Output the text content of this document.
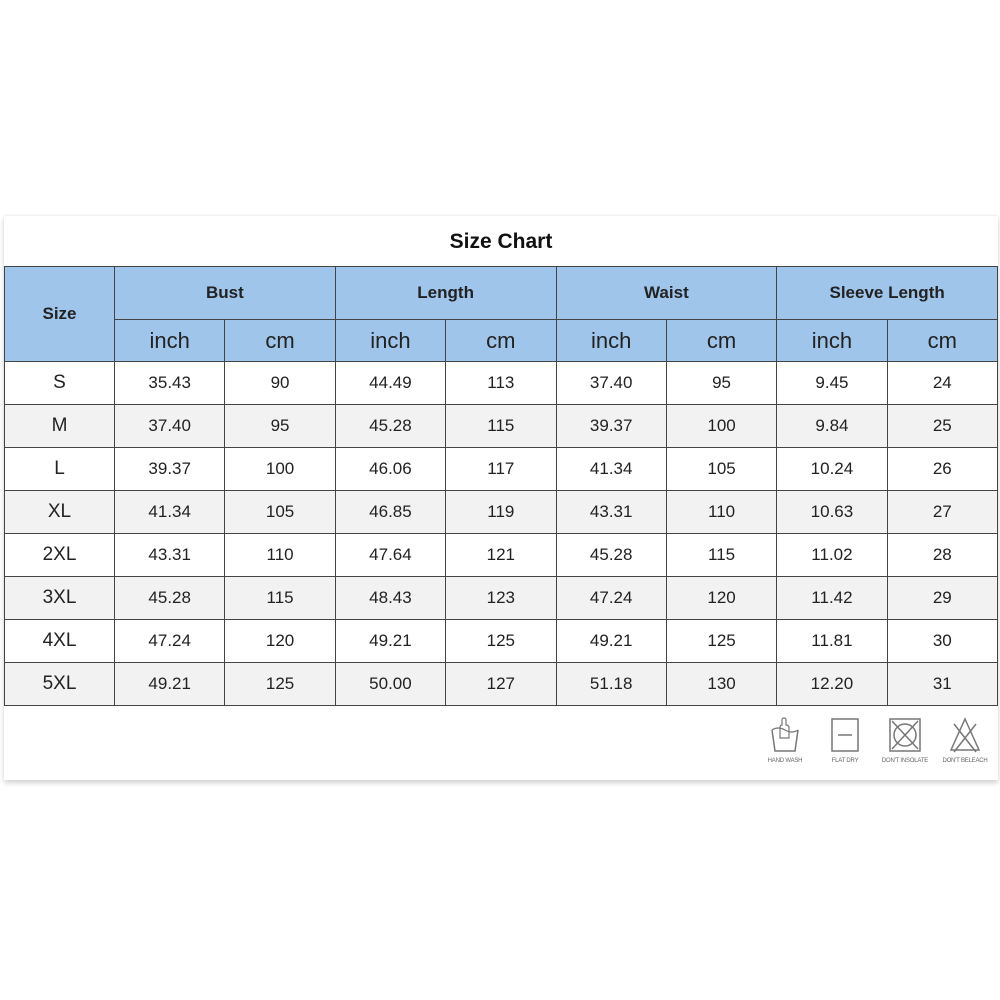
Size Chart
Size	Bust		Length		Waist		Sleeve Length	
	inch	cm	inch	cm	inch	cm	inch	cm
S	35.43	90	44.49	113	37.40	95	9.45	24
M	37.40	95	45.28	115	39.37	100	9.84	25
L	39.37	100	46.06	117	41.34	105	10.24	26
XL	41.34	105	46.85	119	43.31	110	10.63	27
2XL	43.31	110	47.64	121	45.28	115	11.02	28
3XL	45.28	115	48.43	123	47.24	120	11.42	29
4XL	47.24	120	49.21	125	49.21	125	11.81	30
5XL	49.21	125	50.00	127	51.18	130	12.20	31
HAND WASH	FLAT DRY	DON'T INSOLATE	DON'T BELEACH
